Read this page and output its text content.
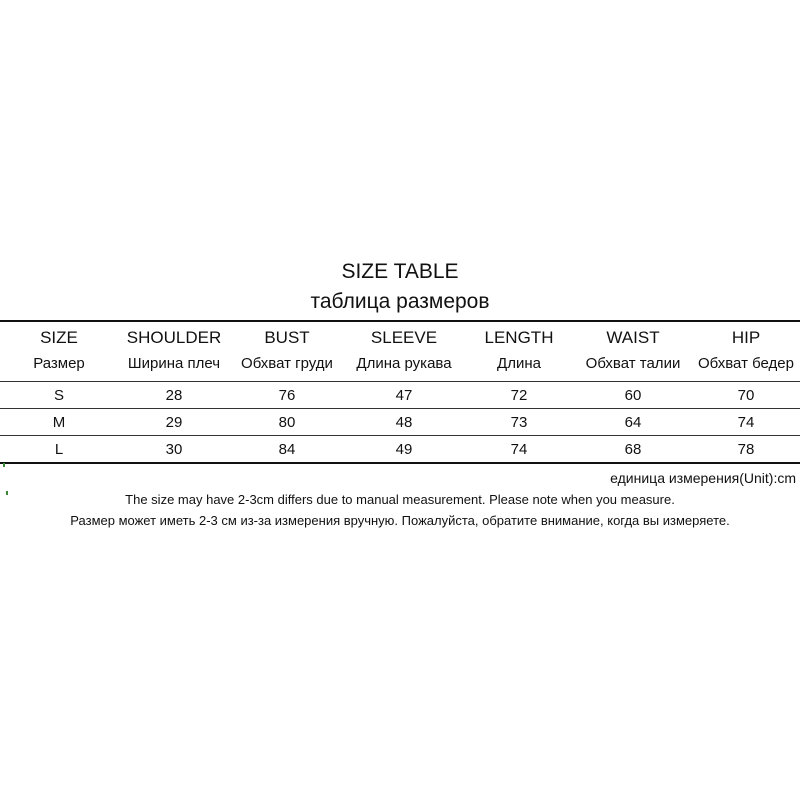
SIZE TABLE
таблица размеров
SIZE	SHOULDER	BUST	SLEEVE	LENGTH	WAIST	HIP
Размер	Ширина плеч	Обхват груди	Длина рукава	Длина	Обхват талии	Обхват бедер
S	28	76	47	72	60	70
M	29	80	48	73	64	74
L	30	84	49	74	68	78
единица измерения(Unit):cm
The size may have 2-3cm differs due to manual measurement. Please note when you measure.
Размер может иметь 2-3 см из-за измерения вручную. Пожалуйста, обратите внимание, когда вы измеряете.
